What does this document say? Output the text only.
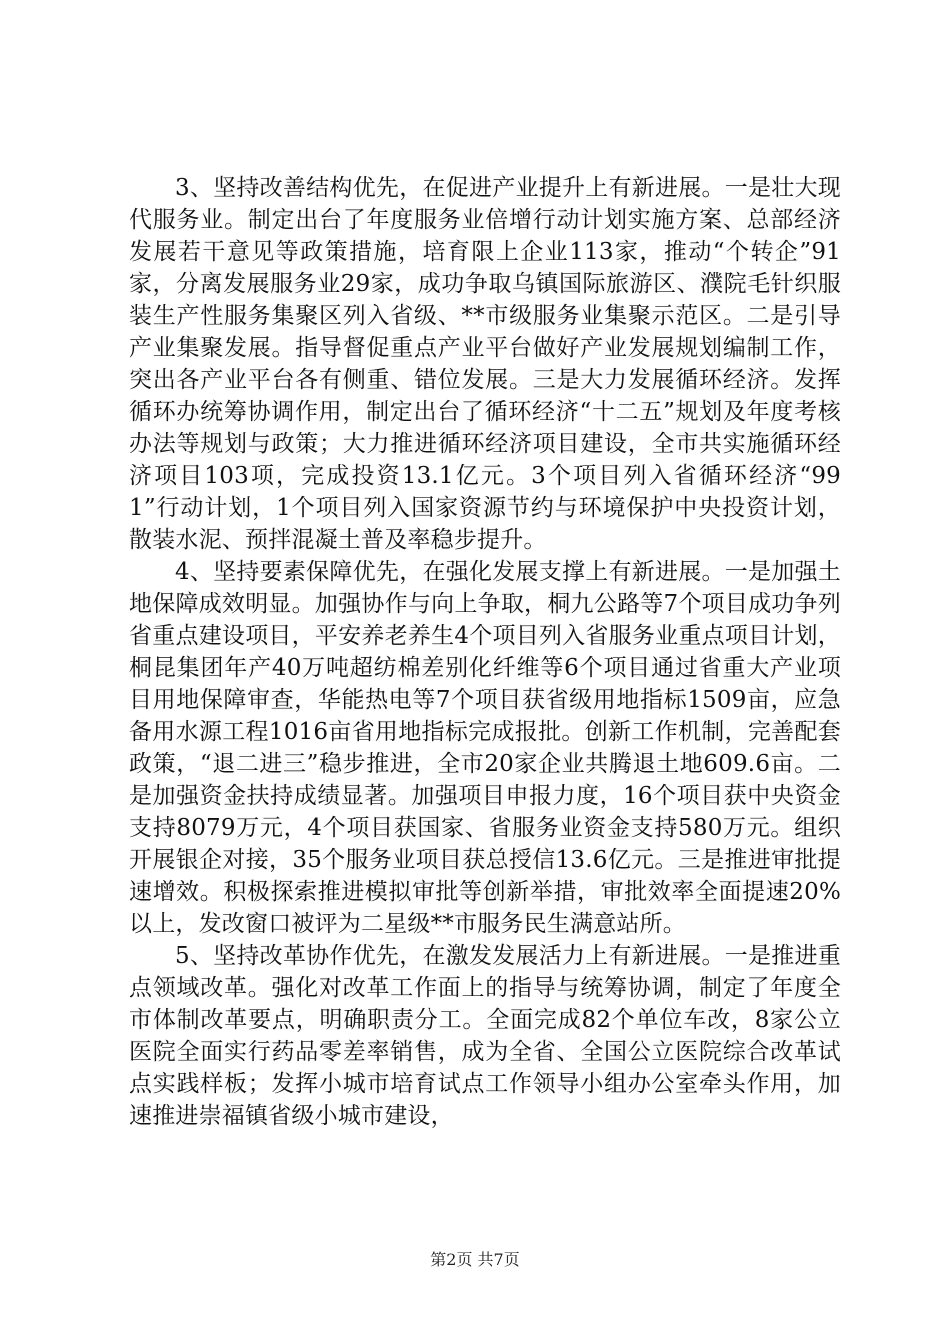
3、坚持改善结构优先，在促进产业提升上有新进展。一是壮大现代服务业。制定出台了年度服务业倍增行动计划实施方案、总部经济发展若干意见等政策措施，培育限上企业113家，推动“个转企”91家，分离发展服务业29家，成功争取乌镇国际旅游区、濮院毛针织服装生产性服务集聚区列入省级、**市级服务业集聚示范区。二是引导产业集聚发展。指导督促重点产业平台做好产业发展规划编制工作，突出各产业平台各有侧重、错位发展。三是大力发展循环经济。发挥循环办统筹协调作用，制定出台了循环经济“十二五”规划及年度考核办法等规划与政策；大力推进循环经济项目建设，全市共实施循环经济项目103项，完成投资13.1亿元。3个项目列入省循环经济“991”行动计划，1个项目列入国家资源节约与环境保护中央投资计划，散装水泥、预拌混凝土普及率稳步提升。

4、坚持要素保障优先，在强化发展支撑上有新进展。一是加强土地保障成效明显。加强协作与向上争取，桐九公路等7个项目成功争列省重点建设项目，平安养老养生4个项目列入省服务业重点项目计划，桐昆集团年产40万吨超纺棉差别化纤维等6个项目通过省重大产业项目用地保障审查，华能热电等7个项目获省级用地指标1509亩，应急备用水源工程1016亩省用地指标完成报批。创新工作机制，完善配套政策，“退二进三”稳步推进，全市20家企业共腾退土地609.6亩。二是加强资金扶持成绩显著。加强项目申报力度，16个项目获中央资金支持8079万元，4个项目获国家、省服务业资金支持580万元。组织开展银企对接，35个服务业项目获总授信13.6亿元。三是推进审批提速增效。积极探索推进模拟审批等创新举措，审批效率全面提速20%以上，发改窗口被评为二星级**市服务民生满意站所。

5、坚持改革协作优先，在激发发展活力上有新进展。一是推进重点领域改革。强化对改革工作面上的指导与统筹协调，制定了年度全市体制改革要点，明确职责分工。全面完成82个单位车改，8家公立医院全面实行药品零差率销售，成为全省、全国公立医院综合改革试点实践样板；发挥小城市培育试点工作领导小组办公室牵头作用，加速推进崇福镇省级小城市建设，

第2页 共7页
